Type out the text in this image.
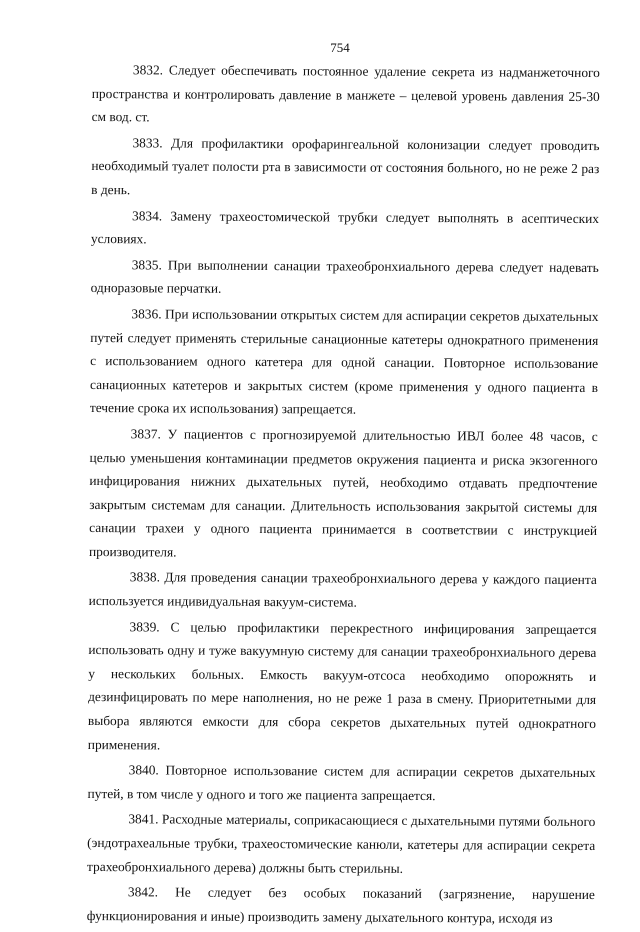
754

3832. Следует обеспечивать постоянное удаление секрета из надманжеточного пространства и контролировать давление в манжете – целевой уровень давления 25-30 см вод. ст.

3833. Для профилактики орофарингеальной колонизации следует проводить необходимый туалет полости рта в зависимости от состояния больного, но не реже 2 раз в день.

3834. Замену трахеостомической трубки следует выполнять в асептических условиях.

3835. При выполнении санации трахеобронхиального дерева следует надевать одноразовые перчатки.

3836. При использовании открытых систем для аспирации секретов дыхательных путей следует применять стерильные санационные катетеры однократного применения с использованием одного катетера для одной санации. Повторное использование санационных катетеров и закрытых систем (кроме применения у одного пациента в течение срока их использования) запрещается.

3837. У пациентов с прогнозируемой длительностью ИВЛ более 48 часов, с целью уменьшения контаминации предметов окружения пациента и риска экзогенного инфицирования нижних дыхательных путей, необходимо отдавать предпочтение закрытым системам для санации. Длительность использования закрытой системы для санации трахеи у одного пациента принимается в соответствии с инструкцией производителя.

3838. Для проведения санации трахеобронхиального дерева у каждого пациента используется индивидуальная вакуум-система.

3839. С целью профилактики перекрестного инфицирования запрещается использовать одну и туже вакуумную систему для санации трахеобронхиального дерева у нескольких больных. Емкость вакуум-отсоса необходимо опорожнять и дезинфицировать по мере наполнения, но не реже 1 раза в смену. Приоритетными для выбора являются емкости для сбора секретов дыхательных путей однократного применения.

3840. Повторное использование систем для аспирации секретов дыхательных путей, в том числе у одного и того же пациента запрещается.

3841. Расходные материалы, соприкасающиеся с дыхательными путями больного (эндотрахеальные трубки, трахеостомические канюли, катетеры для аспирации секрета трахеобронхиального дерева) должны быть стерильны.

3842. Не следует без особых показаний (загрязнение, нарушение функционирования и иные) производить замену дыхательного контура, исходя из
